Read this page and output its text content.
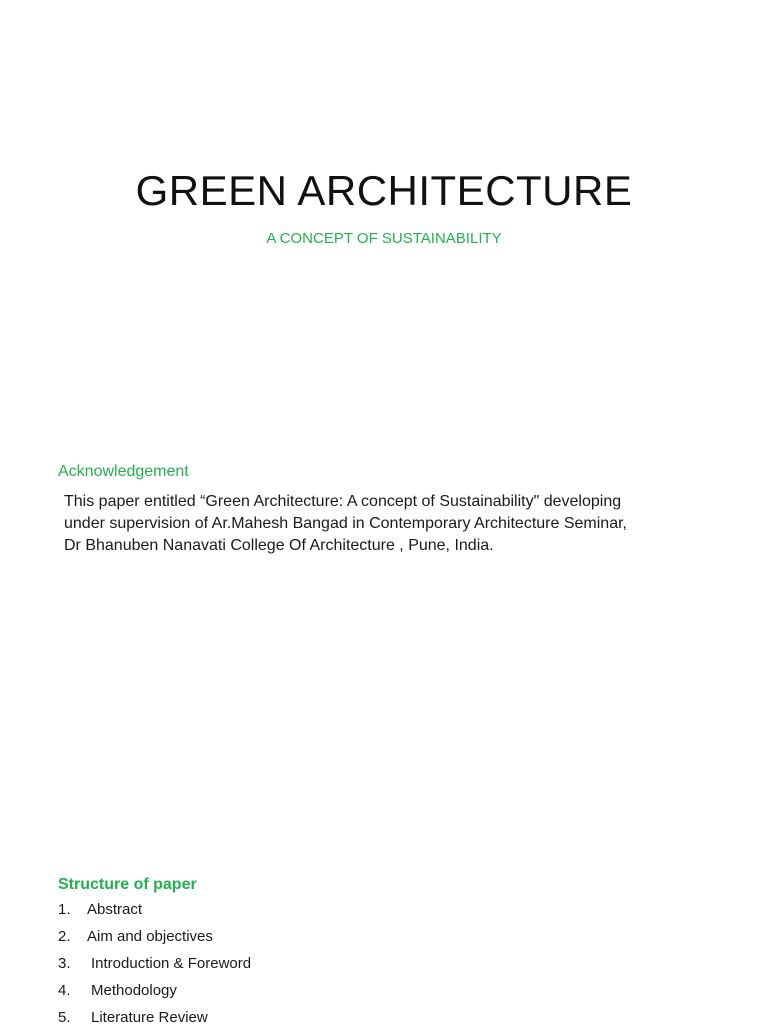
GREEN ARCHITECTURE

A CONCEPT OF SUSTAINABILITY

Acknowledgement

This paper entitled “Green Architecture: A concept of Sustainability" developing
under supervision of Ar.Mahesh Bangad in Contemporary Architecture Seminar,
Dr Bhanuben Nanavati College Of Architecture , Pune, India.

Structure of paper
1.	Abstract
2.	Aim and objectives
3.	Introduction & Foreword
4.	Methodology
5.	Literature Review
